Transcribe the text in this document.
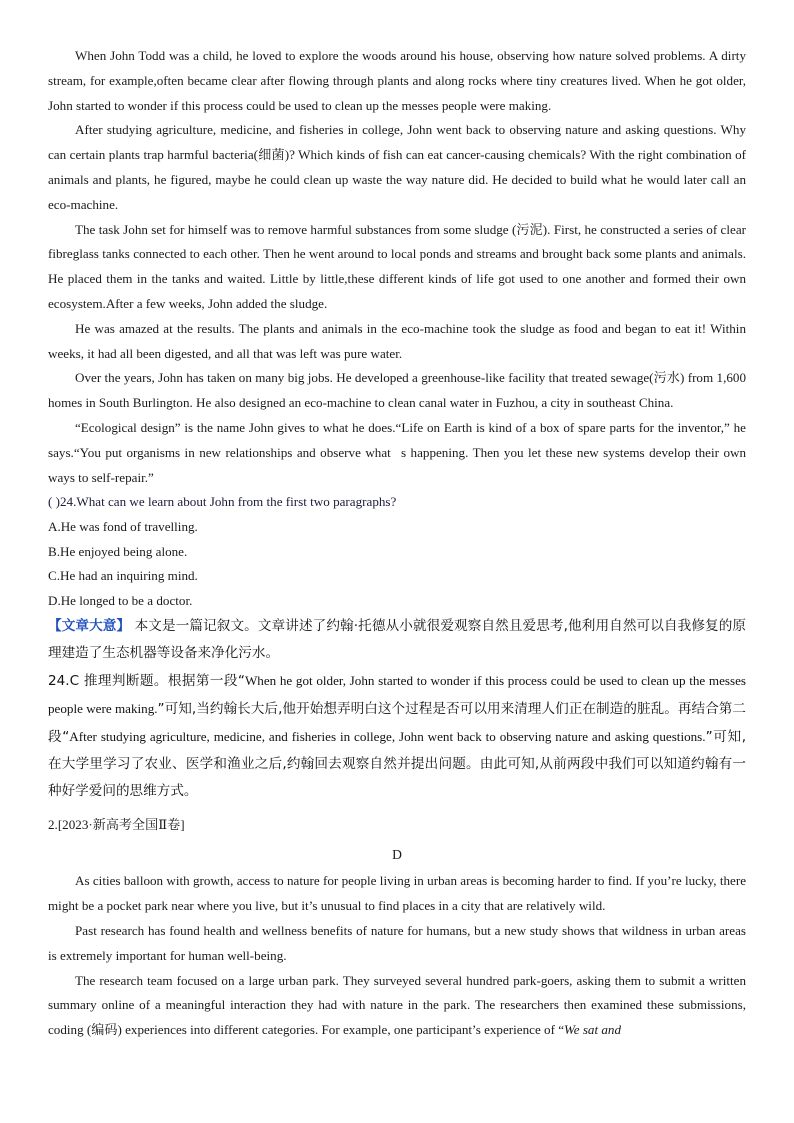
When John Todd was a child, he loved to explore the woods around his house, observing how nature solved problems. A dirty stream, for example,often became clear after flowing through plants and along rocks where tiny creatures lived. When he got older, John started to wonder if this process could be used to clean up the messes people were making.

After studying agriculture, medicine, and fisheries in college, John went back to observing nature and asking questions. Why can certain plants trap harmful bacteria(细菌)? Which kinds of fish can eat cancer-causing chemicals? With the right combination of animals and plants, he figured, maybe he could clean up waste the way nature did. He decided to build what he would later call an eco-machine.

The task John set for himself was to remove harmful substances from some sludge (污泥). First, he constructed a series of clear fibreglass tanks connected to each other. Then he went around to local ponds and streams and brought back some plants and animals. He placed them in the tanks and waited. Little by little,these different kinds of life got used to one another and formed their own ecosystem.After a few weeks, John added the sludge.

He was amazed at the results. The plants and animals in the eco-machine took the sludge as food and began to eat it! Within weeks, it had all been digested, and all that was left was pure water.

Over the years, John has taken on many big jobs. He developed a greenhouse-like facility that treated sewage(污水) from 1,600 homes in South Burlington. He also designed an eco-machine to clean canal water in Fuzhou, a city in southeast China.

“Ecological design” is the name John gives to what he does.“Life on Earth is kind of a box of spare parts for the inventor,” he says.“You put organisms in new relationships and observe what s happening. Then you let these new systems develop their own ways to self-repair.”

( )24.What can we learn about John from the first two paragraphs?

A.He was fond of travelling.

B.He enjoyed being alone.

C.He had an inquiring mind.

D.He longed to be a doctor.

【文章大意】 本文是一篇记叙文。文章讲述了约翰·托德从小就很爱观察自然且爱思考,他利用自然可以自我修复的原理建造了生态机器等设备来净化污水。

24.C 推理判断题。根据第一段“When he got older, John started to wonder if this process could be used to clean up the messes people were making.”可知,当约翰长大后,他开始想弄明白这个过程是否可以用来清理人们正在制造的脏乱。再结合第二段“After studying agriculture, medicine, and fisheries in college, John went back to observing nature and asking questions.”可知,在大学里学习了农业、医学和渔业之后,约翰回去观察自然并提出问题。由此可知,从前两段中我们可以知道约翰有一种好学爱问的思维方式。

2.[2023·新高考全国Ⅱ卷]

D

As cities balloon with growth, access to nature for people living in urban areas is becoming harder to find. If you’re lucky, there might be a pocket park near where you live, but it’s unusual to find places in a city that are relatively wild.

Past research has found health and wellness benefits of nature for humans, but a new study shows that wildness in urban areas is extremely important for human well-being.

The research team focused on a large urban park. They surveyed several hundred park-goers, asking them to submit a written summary online of a meaningful interaction they had with nature in the park. The researchers then examined these submissions, coding (编码) experiences into different categories. For example, one participant’s experience of “We sat and
